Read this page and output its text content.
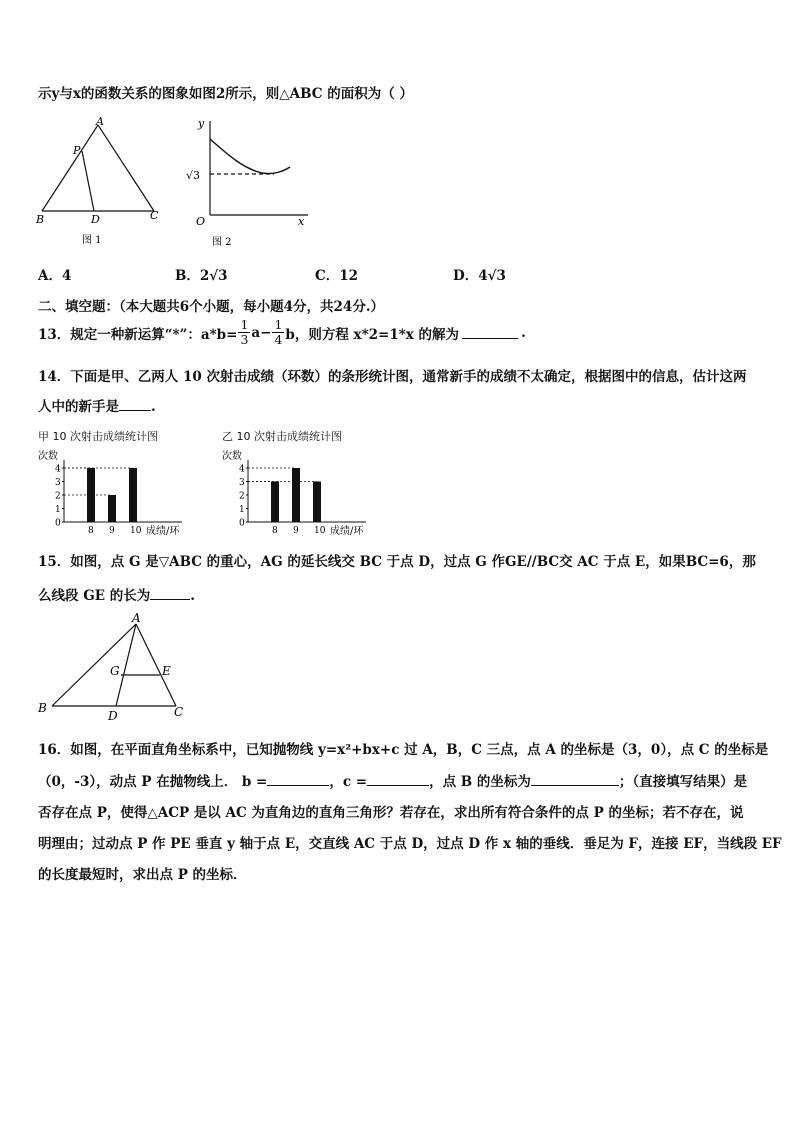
示y与x的函数关系的图象如图2所示，则△ABC 的面积为（ ）
A
P
B	D	C
图 1
y
x
O
√3
图 2
A．4	B．2√3	C．12	D．4√3
二、填空题：（本大题共6个小题，每小题4分，共24分.）
13．规定一种新运算“*”：$a*b= \frac{1}{3} a- \frac{1}{4}$ b，则方程 x*2=1*x 的解为	.
14．下面是甲、乙两人 10 次射击成绩（环数）的条形统计图，通常新手的成绩不太确定，根据图中的信息，估计这两
人中的新手是 .
甲 10 次射击成绩统计图
次数
0
1
2
3
4
8 9 10 成绩/环
乙 10 次射击成绩统计图
次数
0
1
2
3
4
8 9 10 成绩/环
15．如图，点 G 是▽ABC 的重心，AG 的延长线交 BC 于点 D，过点 G 作GE//BC交 AC 于点 E，如果BC=6，那
么线段 GE 的长为	.
A
G	E
B
D	C
16．如图，在平面直角坐标系中，已知抛物线 y=x²+bx+c 过 A，B，C 三点，点 A 的坐标是（3，0），点 C 的坐标是
（0，-3），动点 P 在抛物线上． b =	，c =	，点 B 的坐标为	；（直接填写结果）是
否存在点 P，使得△ACP 是以 AC 为直角边的直角三角形？若存在，求出所有符合条件的点 P 的坐标；若不存在，说
明理由；过动点 P 作 PE 垂直 y 轴于点 E，交直线 AC 于点 D，过点 D 作 x 轴的垂线．垂足为 F，连接 EF，当线段 EF
的长度最短时，求出点 P 的坐标．
